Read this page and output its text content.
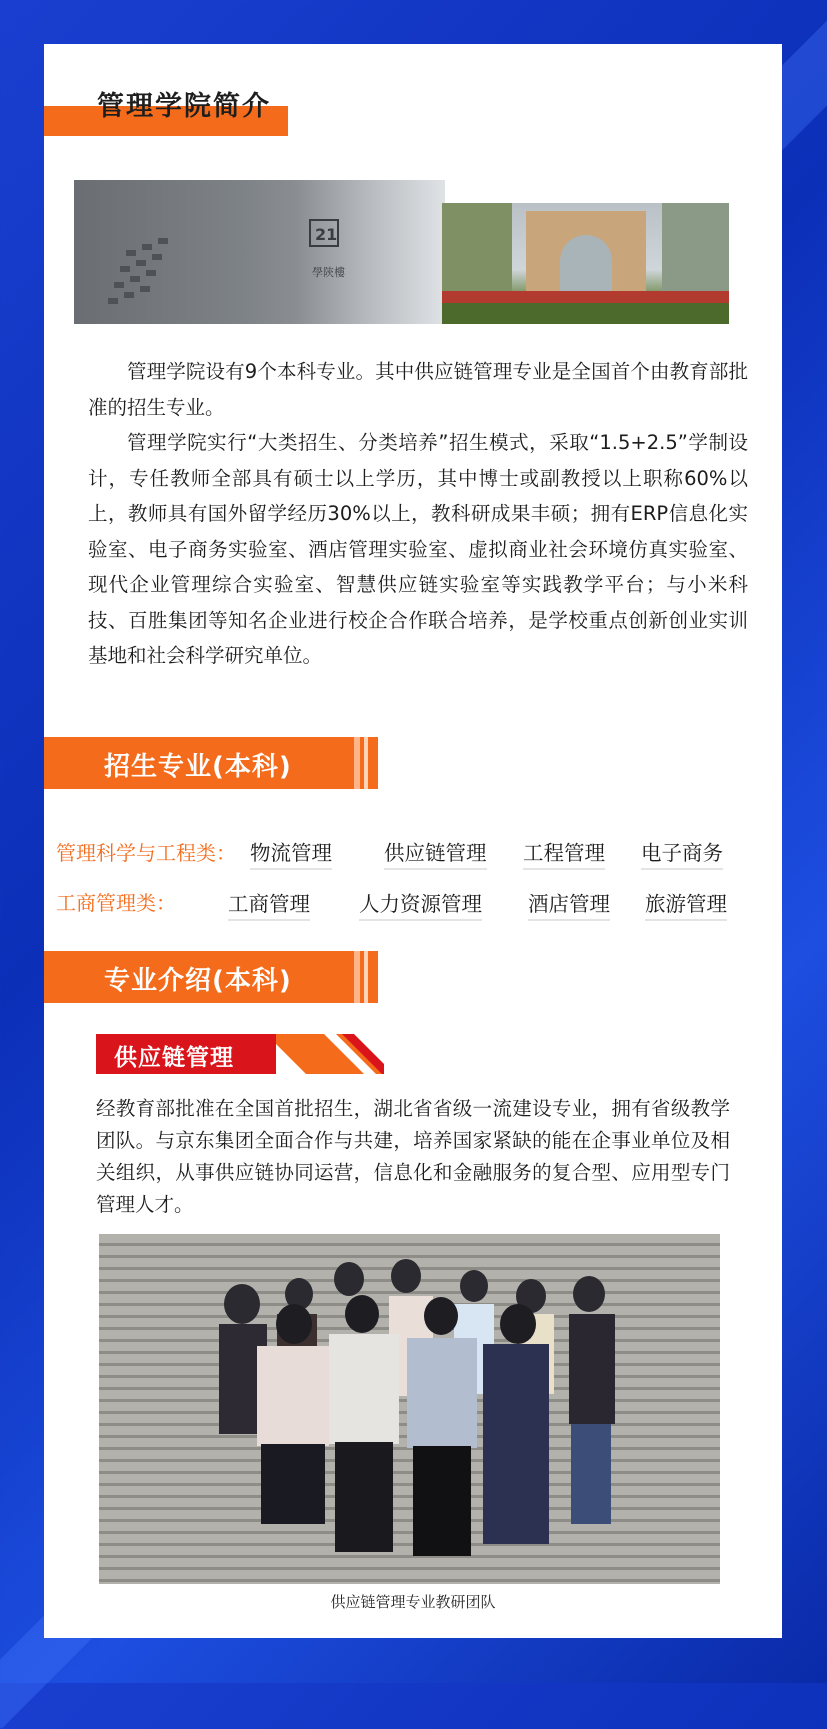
管理学院简介
21
學陝樓
管理学院设有9个本科专业。其中供应链管理专业是全国首个由教育部批准的招生专业。
管理学院实行“大类招生、分类培养”招生模式，采取“1.5+2.5”学制设计，专任教师全部具有硕士以上学历，其中博士或副教授以上职称60%以上，教师具有国外留学经历30%以上，教科研成果丰硕；拥有ERP信息化实验室、电子商务实验室、酒店管理实验室、虚拟商业社会环境仿真实验室、现代企业管理综合实验室、智慧供应链实验室等实践教学平台；与小米科技、百胜集团等知名企业进行校企合作联合培养，是学校重点创新创业实训基地和社会科学研究单位。
招生专业(本科)
管理科学与工程类： 物流管理	供应链管理 工程管理 电子商务
工商管理类：	工商管理 人力资源管理 酒店管理 旅游管理
专业介绍(本科)
供应链管理
经教育部批准在全国首批招生，湖北省省级一流建设专业，拥有省级教学团队。与京东集团全面合作与共建，培养国家紧缺的能在企事业单位及相关组织，从事供应链协同运营，信息化和金融服务的复合型、应用型专门管理人才。
供应链管理专业教研团队
